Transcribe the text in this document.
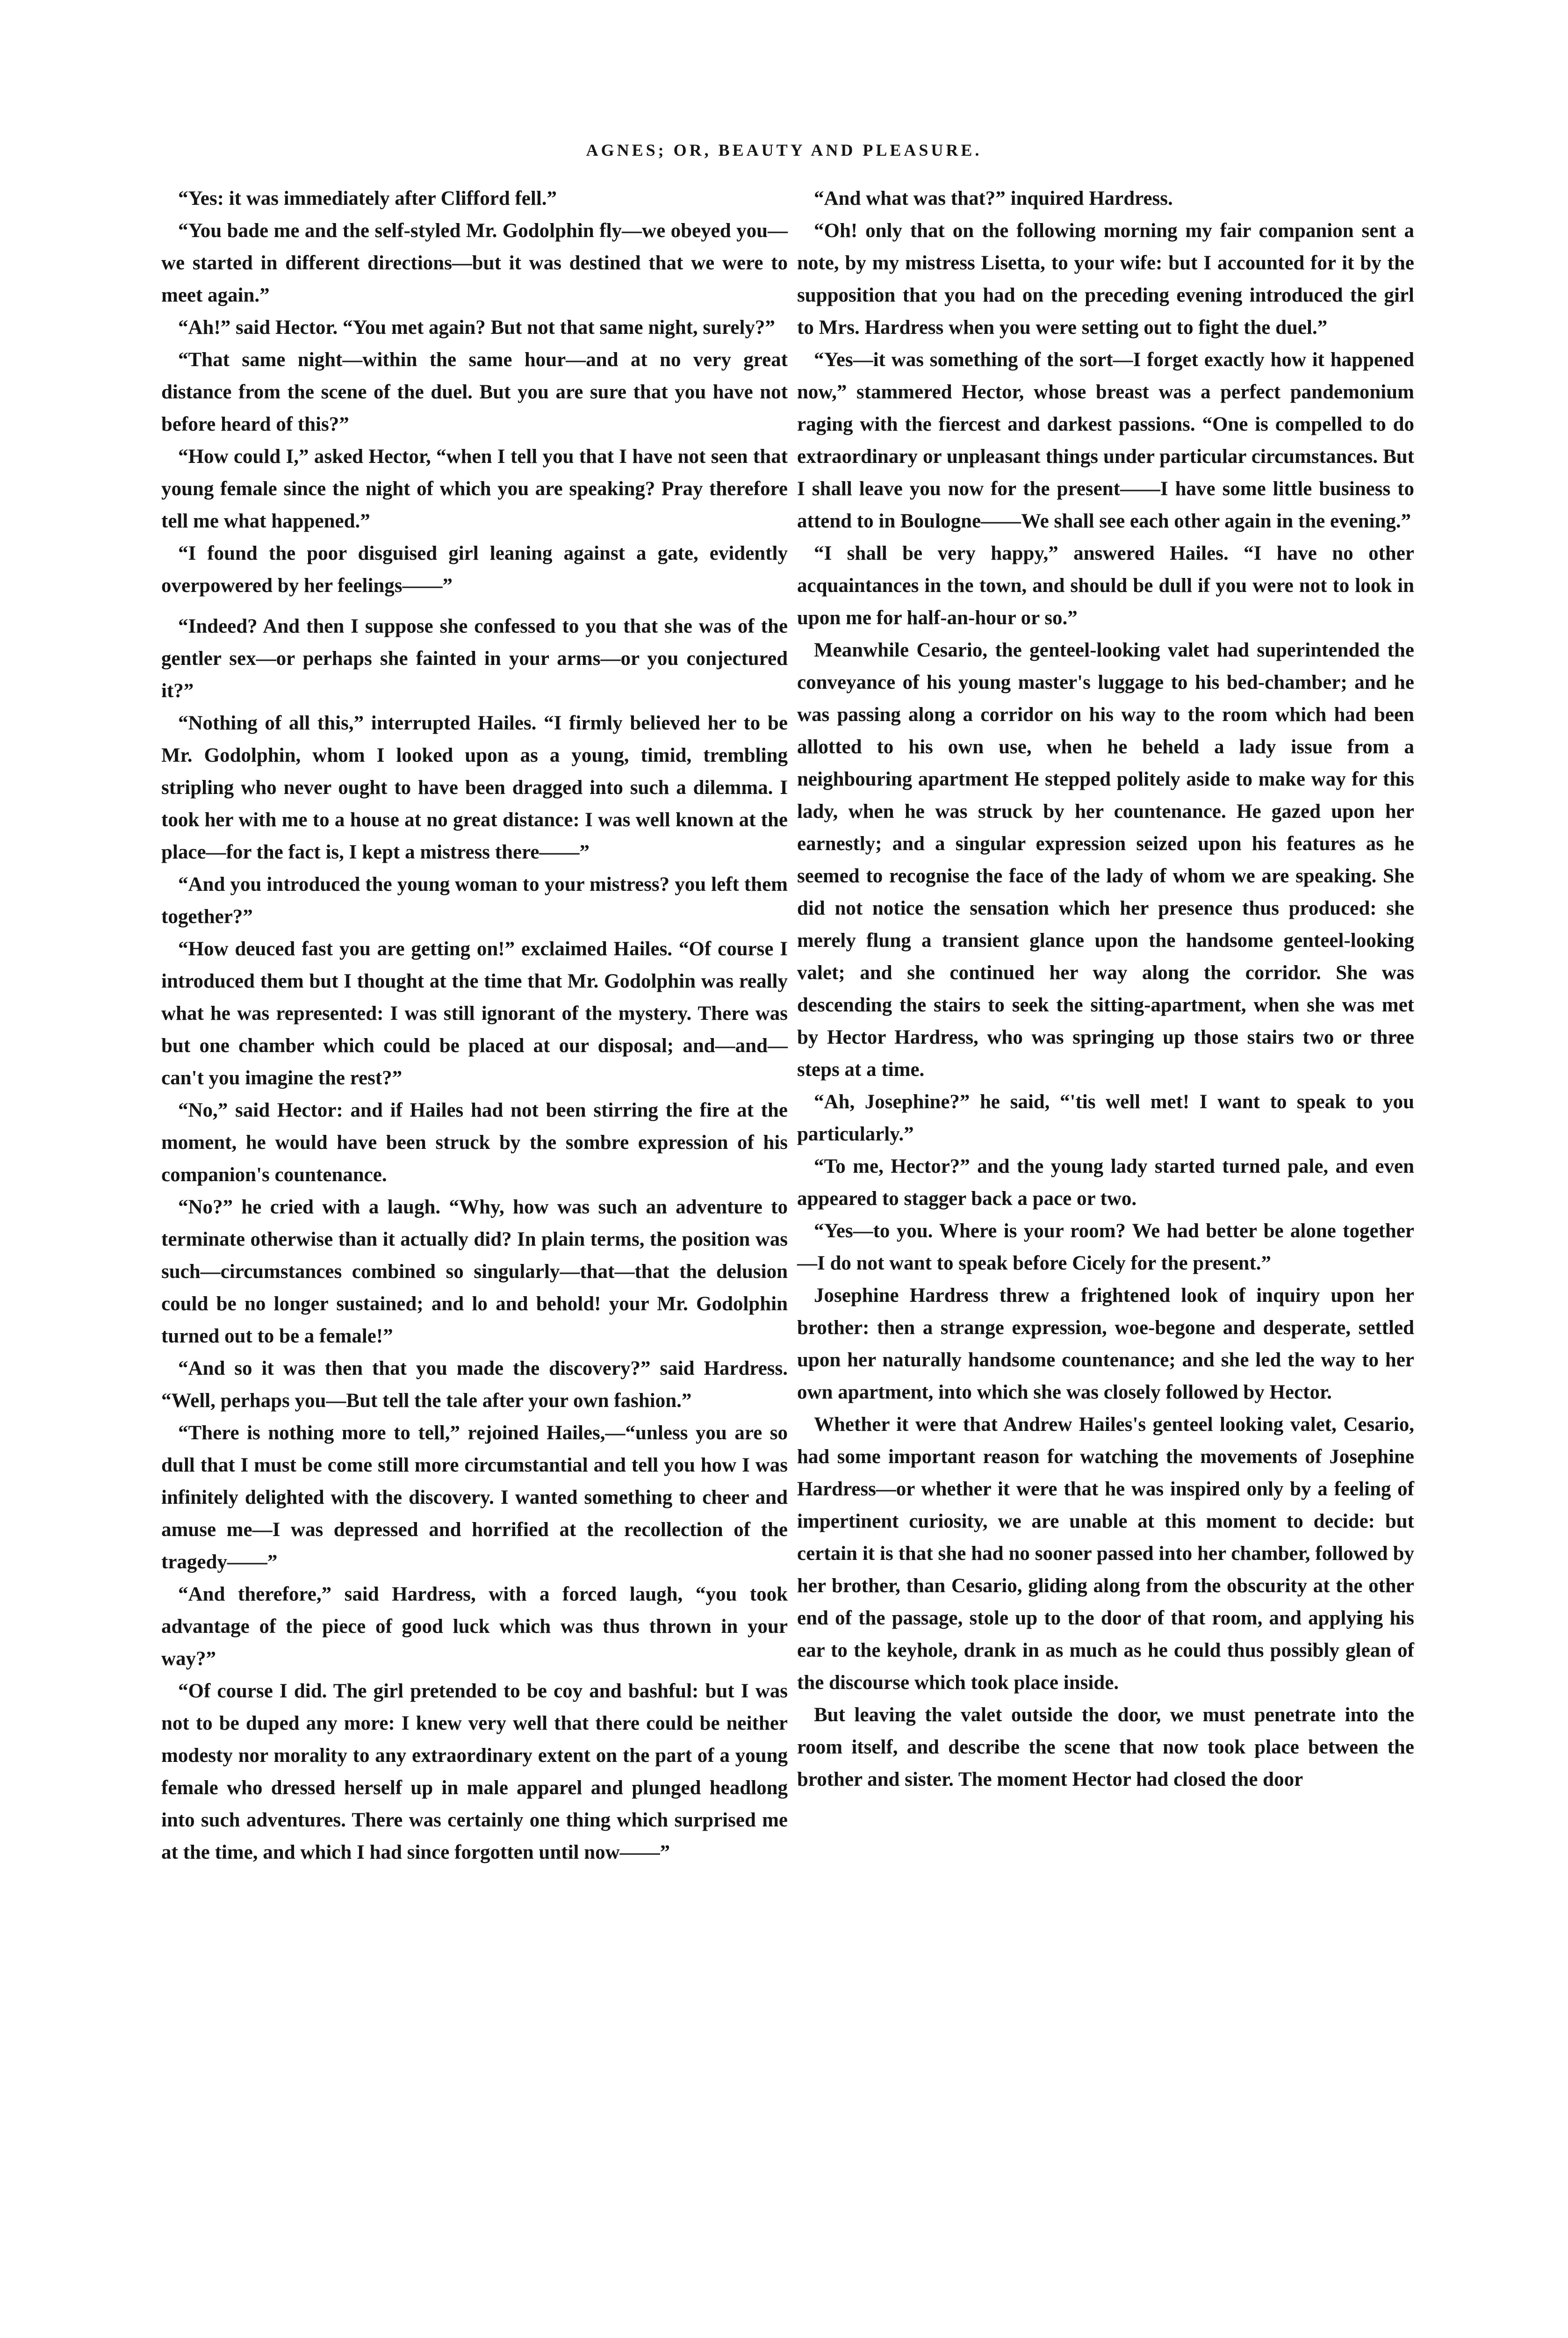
AGNES; OR, BEAUTY AND PLEASURE.

“Yes: it was immediately after Clifford fell.”

“You bade me and the self-styled Mr. Godolphin fly—we obeyed you—we started in different directions—but it was destined that we were to meet again.”

“Ah!” said Hector. “You met again? But not that same night, surely?”

“That same night—within the same hour—and at no very great distance from the scene of the duel. But you are sure that you have not before heard of this?”

“How could I,” asked Hector, “when I tell you that I have not seen that young female since the night of which you are speaking? Pray therefore tell me what happened.”

“I found the poor disguised girl leaning against a gate, evidently overpowered by her feelings——”

“Indeed? And then I suppose she confessed to you that she was of the gentler sex—or perhaps she fainted in your arms—or you conjectured it?”

“Nothing of all this,” interrupted Hailes. “I firmly believed her to be Mr. Godolphin, whom I looked upon as a young, timid, trembling stripling who never ought to have been dragged into such a dilemma. I took her with me to a house at no great distance: I was well known at the place—for the fact is, I kept a mistress there——”

“And you introduced the young woman to your mistress? you left them together?”

“How deuced fast you are getting on!” exclaimed Hailes. “Of course I introduced them but I thought at the time that Mr. Godolphin was really what he was represented: I was still ignorant of the mystery. There was but one chamber which could be placed at our disposal; and—and—can't you imagine the rest?”

“No,” said Hector: and if Hailes had not been stirring the fire at the moment, he would have been struck by the sombre expression of his companion's countenance.

“No?” he cried with a laugh. “Why, how was such an adventure to terminate otherwise than it actually did? In plain terms, the position was such—circumstances combined so singularly—that—that the delusion could be no longer sustained; and lo and behold! your Mr. Godolphin turned out to be a female!”

“And so it was then that you made the discovery?” said Hardress. “Well, perhaps you—But tell the tale after your own fashion.”

“There is nothing more to tell,” rejoined Hailes,—“unless you are so dull that I must be come still more circumstantial and tell you how I was infinitely delighted with the discovery. I wanted something to cheer and amuse me—I was depressed and horrified at the recollection of the tragedy——”

“And therefore,” said Hardress, with a forced laugh, “you took advantage of the piece of good luck which was thus thrown in your way?”

“Of course I did. The girl pretended to be coy and bashful: but I was not to be duped any more: I knew very well that there could be neither modesty nor morality to any extraordinary extent on the part of a young female who dressed herself up in male apparel and plunged headlong into such adventures. There was certainly one thing which surprised me at the time, and which I had since forgotten until now——”

“And what was that?” inquired Hardress.

“Oh! only that on the following morning my fair companion sent a note, by my mistress Lisetta, to your wife: but I accounted for it by the supposition that you had on the preceding evening introduced the girl to Mrs. Hardress when you were setting out to fight the duel.”

“Yes—it was something of the sort—I forget exactly how it happened now,” stammered Hector, whose breast was a perfect pandemonium raging with the fiercest and darkest passions. “One is compelled to do extraordinary or unpleasant things under particular circumstances. But I shall leave you now for the present——I have some little business to attend to in Boulogne——We shall see each other again in the evening.”

“I shall be very happy,” answered Hailes. “I have no other acquaintances in the town, and should be dull if you were not to look in upon me for half-an-hour or so.”

Meanwhile Cesario, the genteel-looking valet had superintended the conveyance of his young master's luggage to his bed-chamber; and he was passing along a corridor on his way to the room which had been allotted to his own use, when he beheld a lady issue from a neighbouring apartment He stepped politely aside to make way for this lady, when he was struck by her countenance. He gazed upon her earnestly; and a singular expression seized upon his features as he seemed to recognise the face of the lady of whom we are speaking. She did not notice the sensation which her presence thus produced: she merely flung a transient glance upon the handsome genteel-looking valet; and she continued her way along the corridor. She was descending the stairs to seek the sitting-apartment, when she was met by Hector Hardress, who was springing up those stairs two or three steps at a time.

“Ah, Josephine?” he said, “'tis well met! I want to speak to you particularly.”

“To me, Hector?” and the young lady started turned pale, and even appeared to stagger back a pace or two.

“Yes—to you. Where is your room? We had better be alone together—I do not want to speak before Cicely for the present.”

Josephine Hardress threw a frightened look of inquiry upon her brother: then a strange expression, woe-begone and desperate, settled upon her naturally handsome countenance; and she led the way to her own apartment, into which she was closely followed by Hector.

Whether it were that Andrew Hailes's genteel looking valet, Cesario, had some important reason for watching the movements of Josephine Hardress—or whether it were that he was inspired only by a feeling of impertinent curiosity, we are unable at this moment to decide: but certain it is that she had no sooner passed into her chamber, followed by her brother, than Cesario, gliding along from the obscurity at the other end of the passage, stole up to the door of that room, and applying his ear to the keyhole, drank in as much as he could thus possibly glean of the discourse which took place inside.

But leaving the valet outside the door, we must penetrate into the room itself, and describe the scene that now took place between the brother and sister. The moment Hector had closed the door
